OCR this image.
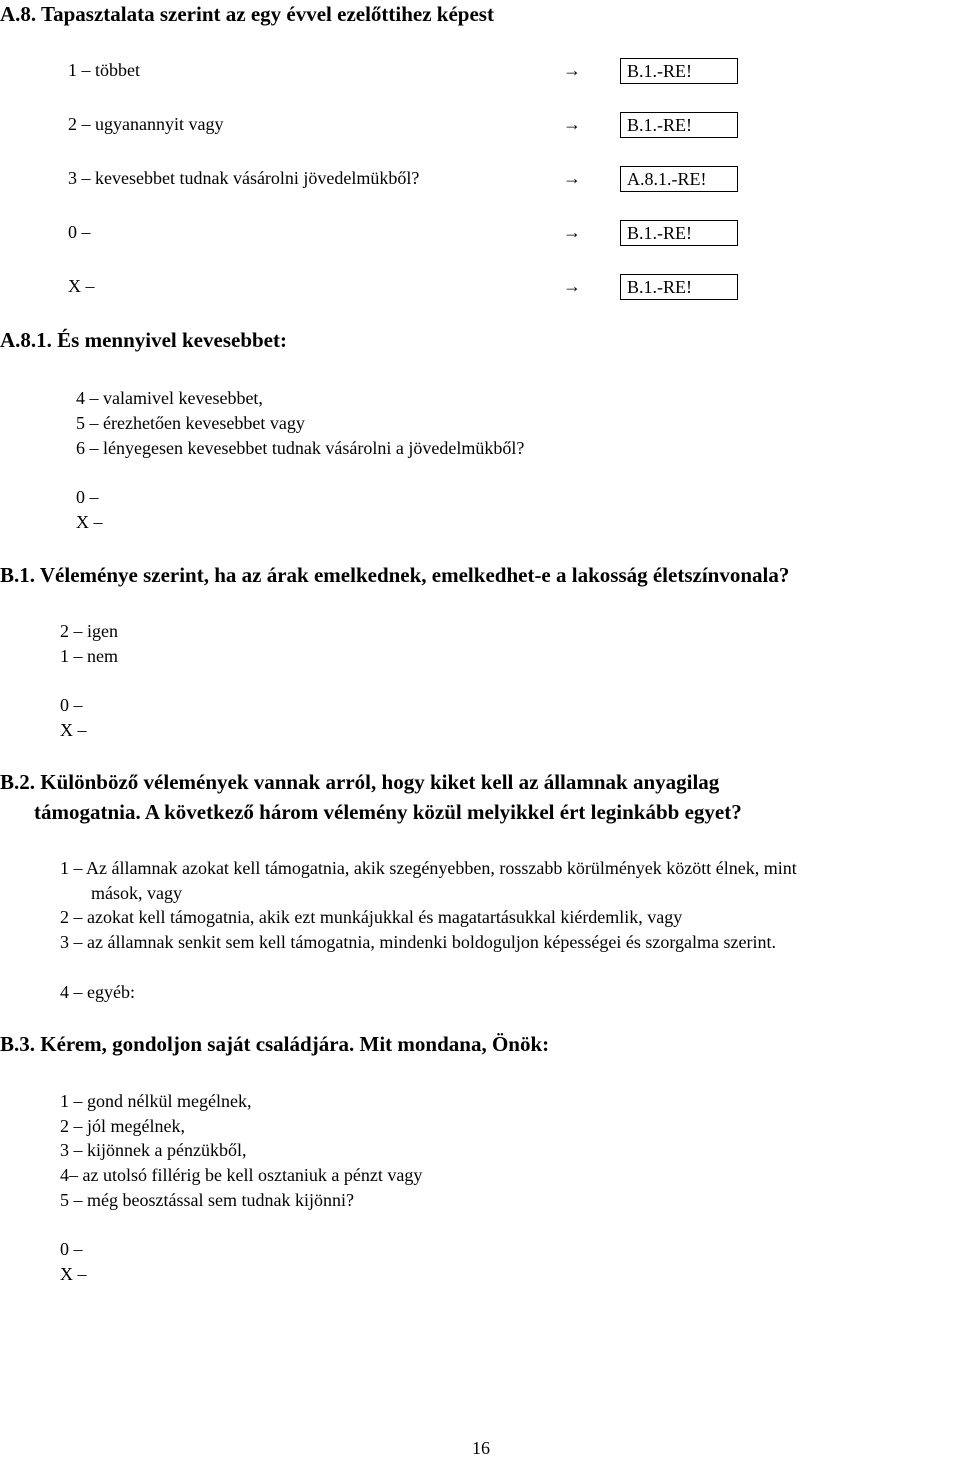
A.8. Tapasztalata szerint az egy évvel ezelőttihez képest
1 – többet	→	B.1.-RE!
2 – ugyanannyit vagy	→	B.1.-RE!
3 – kevesebbet tudnak vásárolni jövedelmükből?	→	A.8.1.-RE!
0 –	→	B.1.-RE!
X –	→	B.1.-RE!
A.8.1. És mennyivel kevesebbet:
4 – valamivel kevesebbet,
5 – érezhetően kevesebbet vagy
6 – lényegesen kevesebbet tudnak vásárolni a jövedelmükből?
0 –
X –
B.1. Véleménye szerint, ha az árak emelkednek, emelkedhet-e a lakosság életszínvonala?
2 – igen
1 – nem
0 –
X –
B.2. Különböző vélemények vannak arról, hogy kiket kell az államnak anyagilag
támogatnia. A következő három vélemény közül melyikkel ért leginkább egyet?
1 – Az államnak azokat kell támogatnia, akik szegényebben, rosszabb körülmények között élnek, mint
mások, vagy
2 – azokat kell támogatnia, akik ezt munkájukkal és magatartásukkal kiérdemlik, vagy
3 – az államnak senkit sem kell támogatnia, mindenki boldoguljon képességei és szorgalma szerint.
4 – egyéb:
B.3. Kérem, gondoljon saját családjára. Mit mondana, Önök:
1 – gond nélkül megélnek,
2 – jól megélnek,
3 – kijönnek a pénzükből,
4– az utolsó fillérig be kell osztaniuk a pénzt vagy
5 – még beosztással sem tudnak kijönni?
0 –
X –
16
